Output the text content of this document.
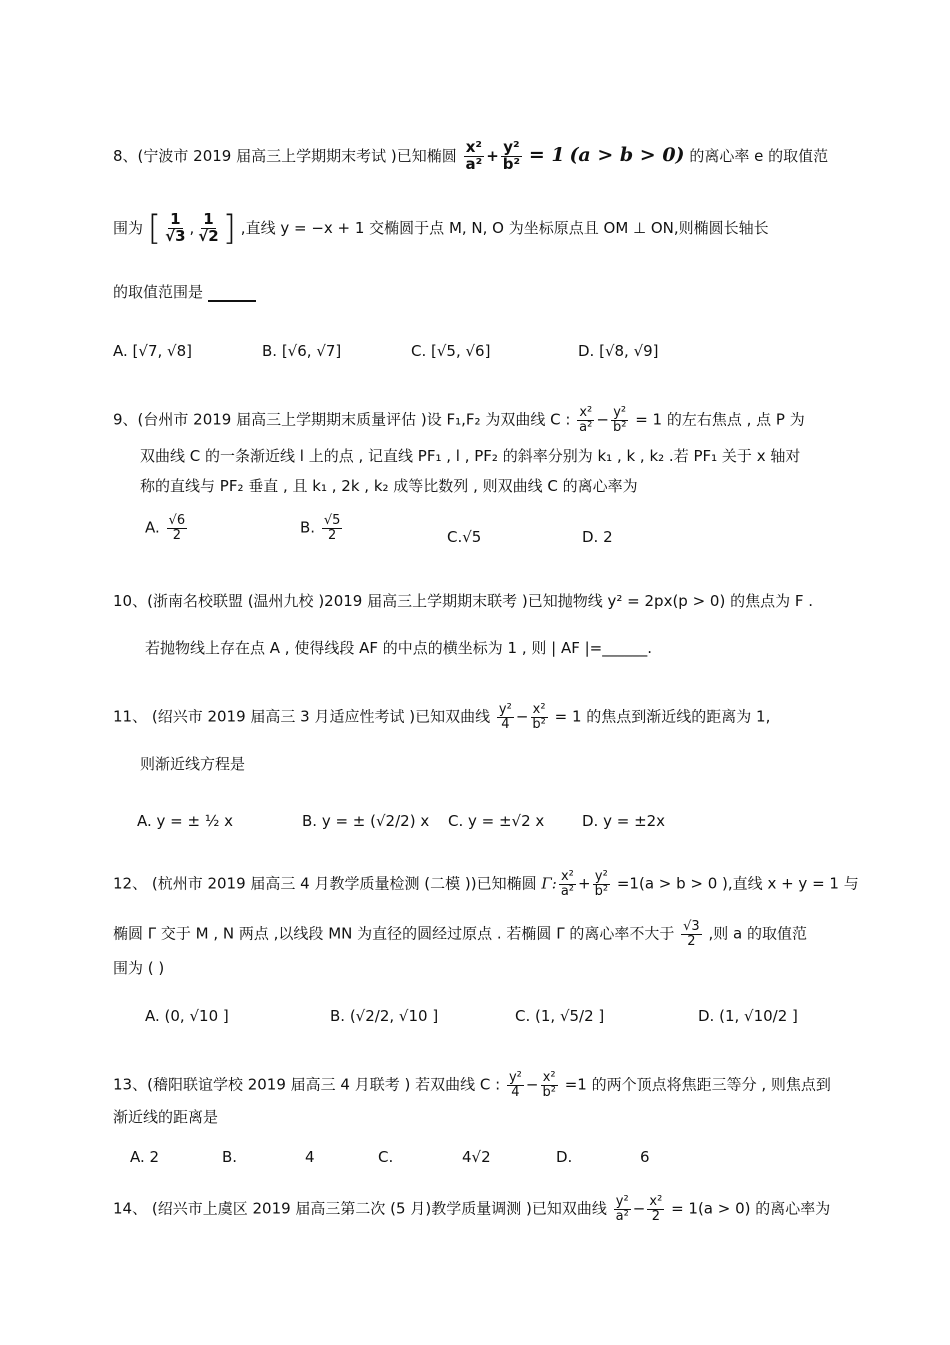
8、(宁波市 2019 届高三上学期期末考试 )已知椭圆 $\frac{\text{x²}}{\text{a²}} + \frac{\text{y²}}{\text{b²}} = 1$ (a > b > 0) 的离心率 e 的取值范
围为 [ $\frac{1}{√3}$ , $\frac{1}{√2}$ ] ,直线 y = −x + 1 交椭圆于点 M, N, O 为坐标原点且 OM ⊥ ON,则椭圆长轴长
的取值范围是
A. [√7, √8]	B. [√6, √7]	C. [√5, √6]	D. [√8, √9]
9、(台州市 2019 届高三上学期期末质量评估 )设 F₁,F₂ 为双曲线 C : $\frac{\text{x²}}{\text{a²}} - \frac{\text{y²}}{\text{b²}} = 1$ 的左右焦点 , 点 P 为
双曲线 C 的一条渐近线 l 上的点 , 记直线 PF₁ , l , PF₂ 的斜率分别为 k₁ , k , k₂ .若 PF₁ 关于 x 轴对
称的直线与 PF₂ 垂直 , 且 k₁ , 2k , k₂ 成等比数列 , 则双曲线 C 的离心率为
A. $\frac{√6}{2}$	B. $\frac{√5}{2}$	C.√5	D. 2
10、(浙南名校联盟 (温州九校 )2019 届高三上学期期末联考 )已知抛物线 y² = 2px(p > 0) 的焦点为 F .
若抛物线上存在点 A , 使得线段 AF 的中点的横坐标为 1 , 则 | AF |=______.
11、 (绍兴市 2019 届高三 3 月适应性考试 )已知双曲线 $\frac{\text{y²}}{4} - \frac{\text{x²}}{\text{b²}} = 1$ 的焦点到渐近线的距离为 1,
则渐近线方程是
A. y = ± ½ x	B. y = ± (√2/2) x C. y = ±√2 x	D. y = ±2x
12、 (杭州市 2019 届高三 4 月教学质量检测 (二模 ))已知椭圆 Γ: $\frac{\text{x²}}{\text{a²}} + \frac{\text{y²}}{\text{b²}} =1(a > b > 0$ ),直线 x + y = 1 与
椭圆 Γ 交于 M , N 两点 ,以线段 MN 为直径的圆经过原点 . 若椭圆 Γ 的离心率不大于 $\frac{√3}{2}$ ,则 a 的取值范
围为 ( )
A. (0, √10 ]	B. (√2/2, √10 ]	C. (1, √5/2 ]	D. (1, √10/2 ]
13、(稽阳联谊学校 2019 届高三 4 月联考 ) 若双曲线 C : $\frac{\text{y²}}{4} - \frac{\text{x²}}{\text{b²}} =1$ 的两个顶点将焦距三等分 , 则焦点到
渐近线的距离是
A. 2	B.	4	C.	4√2	D.	6
14、 (绍兴市上虞区 2019 届高三第二次 (5 月)教学质量调测 )已知双曲线 $\frac{\text{y²}}{\text{a²}} - \frac{\text{x²}}{2} = 1(a > 0)$ 的离心率为
